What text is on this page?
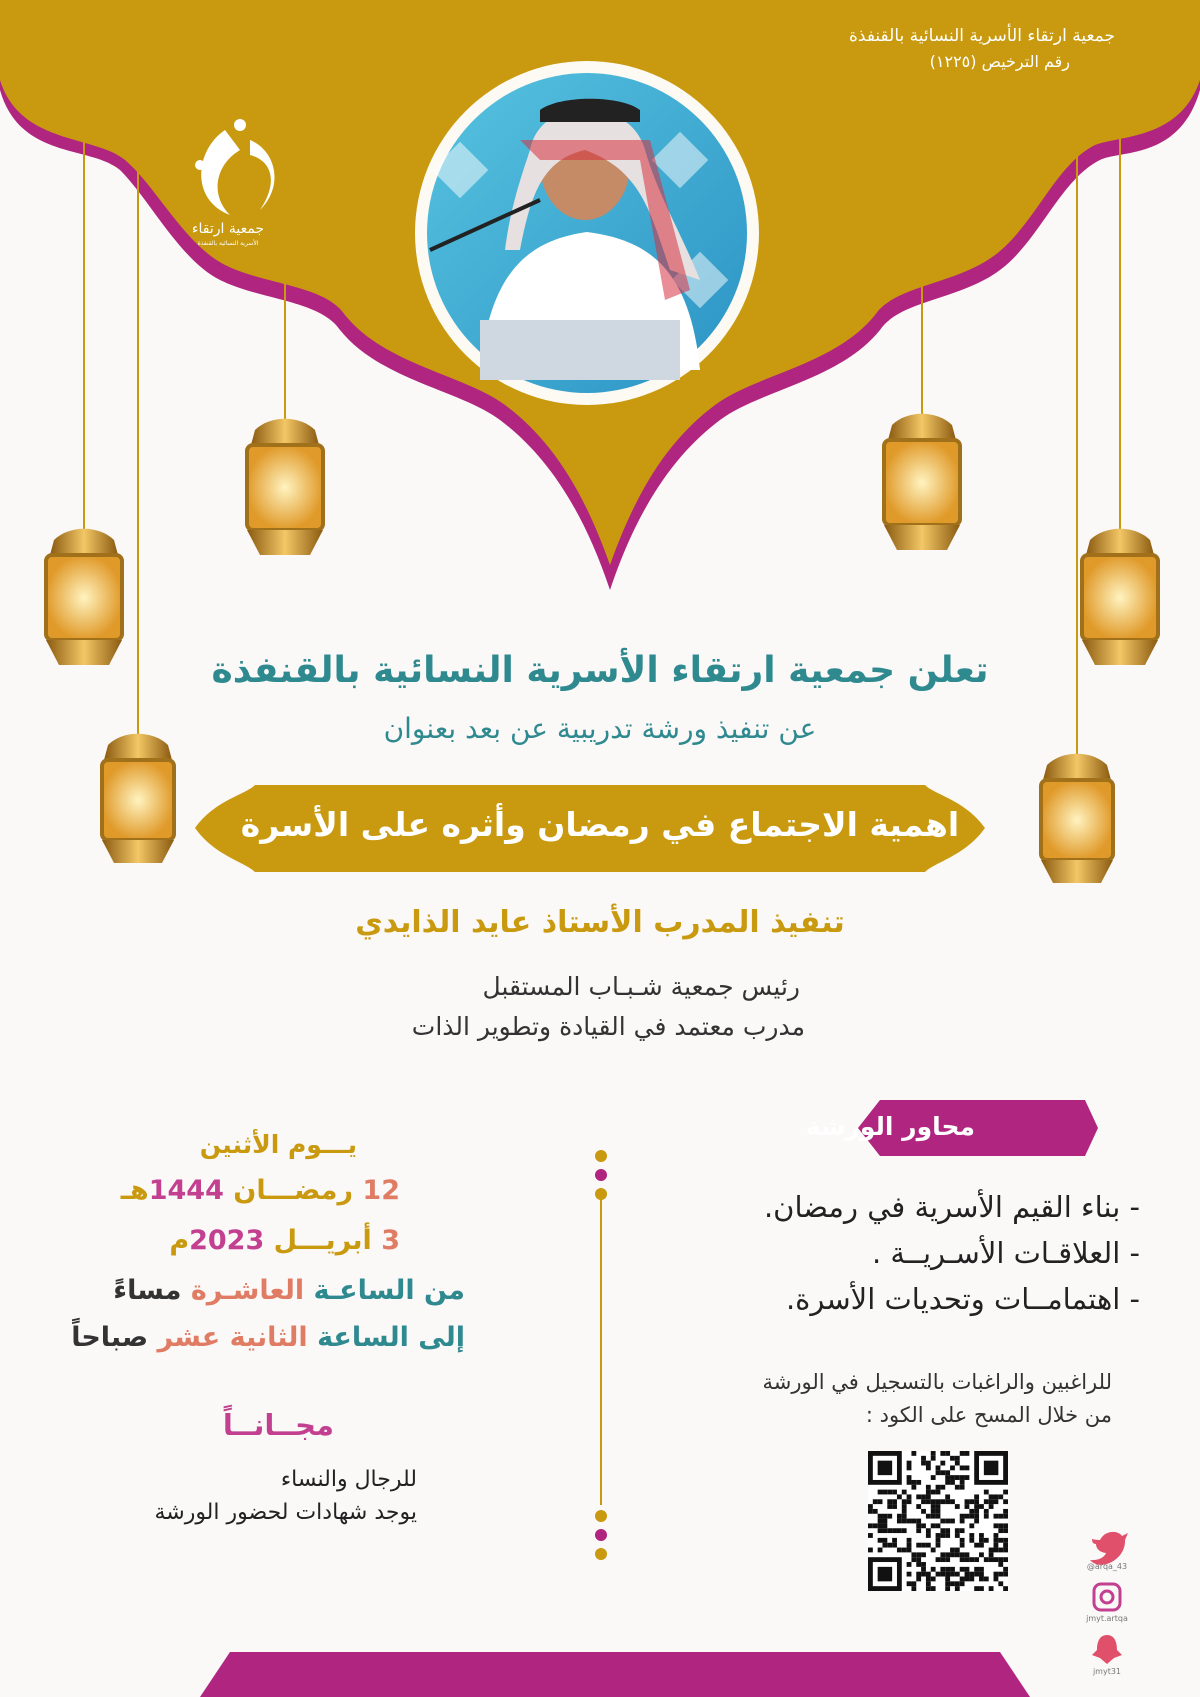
جمعية ارتقاء الأسرية النسائية بالقنفذة
رقم الترخيص (١٢٢٥)
جمعية ارتقاء
الأسرية النسائية بالقنفذة
تعلن جمعية ارتقاء الأسرية النسائية بالقنفذة
عن تنفيذ ورشة تدريبية عن بعد بعنوان
اهمية الاجتماع في رمضان وأثره على الأسرة
تنفيذ المدرب الأستاذ عايد الذايدي
رئيس جمعية شـبـاب المستقبل
مدرب معتمد في القيادة وتطوير الذات
محاور الورشة
- بناء القيم الأسرية في رمضان.
- العلاقـات الأسـريــة .
- اهتمامــات وتحديات الأسرة.
للراغبين والراغبات بالتسجيل في الورشة
من خلال المسح على الكود :
يـــوم الأثنين
12 رمضـــان 1444هـ
3 أبريـــل 2023م
من الساعـة العاشـرة مساءً
إلى الساعة الثانية عشر صباحاً
مجــانــاً
للرجال والنساء
يوجد شهادات لحضور الورشة
@arqa_43
jmyt.artqa
jmyt31
